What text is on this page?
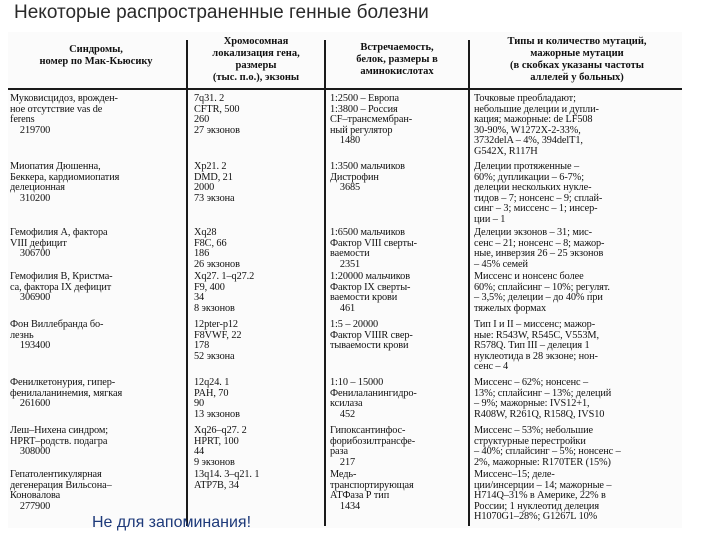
Некоторые распространенные генные болезни
Синдромы,
номер по Мак-Кьюсику
Хромосомная
локализация гена,
размеры
(тыс. п.о.), экзоны
Встречаемость,
белок, размеры в
аминокислотах
Типы и количество мутаций,
мажорные мутации
(в скобках указаны частоты
аллелей у больных)
Муковисцидоз, врожден-
ное отсутствие vas de
ferens
219700
7q31. 2
CFTR, 500
260
27 экзонов
1:2500 – Европа
1:3800 – Россия
CF–трансмембран-
ный регулятор
1480
Точковые преобладают;
небольшие делеции и дупли-
кация; мажорные: de LF508
30-90%, W1272X-2-33%,
3732delA – 4%, 394delT1,
G542X, R117H
Миопатия Дюшенна,
Беккера, кардиомиопатия
делеционная
310200
Xp21. 2
DMD, 21
2000
73 экзона
1:3500 мальчиков
Дистрофин
3685
Делеции протяженные –
60%; дупликации – 6-7%;
делеции нескольких нукле-
тидов – 7; нонсенс – 9; сплай-
синг – 3; миссенс – 1; инсер-
ции – 1
Гемофилия А, фактора
VIII дефицит
306700
Xq28
F8C, 66
186
26 экзонов
1:6500 мальчиков
Фактор VIII сверты-
ваемости
2351
Делеции экзонов – 31; мис-
сенс – 21; нонсенс – 8; мажор-
ные, инверзия 26 – 25 экзонов
– 45% семей
Гемофилия В, Кристма-
са, фактора IX дефицит
306900
Xq27. 1–q27.2
F9, 400
34
8 экзонов
1:20000 мальчиков
Фактор IX сверты-
ваемости крови
461
Миссенс и нонсенс более
60%; сплайсинг – 10%; регулят.
– 3,5%; делеции – до 40% при
тяжелых формах
Фон Виллебранда бо-
лезнь
193400
12pter-p12
F8VWF, 22
178
52 экзона
1:5 – 20000
Фактор VIIIR свер-
тываемости крови
Тип I и II – миссенс; мажор-
ные: R543W, R545C, V553M,
R578Q. Тип III – делеция 1
нуклеотида в 28 экзоне; нон-
сенс – 4
Фенилкетонурия, гипер-
фенилаланинемия, мягкая
261600
12q24. 1
PAH, 70
90
13 экзонов
1:10 – 15000
Фенилаланингидро-
ксилаза
452
Миссенс – 62%; нонсенс –
13%; сплайсинг – 13%; делеций
– 9%; мажорные: IVS12+1,
R408W, R261Q, R158Q, IVS10
Леш–Нихена синдром;
HPRT–родств. подагра
308000
Xq26–q27. 2
HPRT, 100
44
9 экзонов
Гипоксантинфос-
форибозилтрансфе-
раза
217
Миссенс – 53%; небольшие
структурные перестройки
– 40%; сплайсинг – 5%; нонсенс –
2%, мажорные: R170TER (15%)
Гепатолентикулярная
дегенерация Вильсона–
Коновалова
277900
13q14. 3–q21. 1
ATP7B, 34
Медь-
транспортирующая
АТФаза Р тип
1434
Миссенс–15; деле-
ции/инсерции – 14; мажорные –
H714Q–31% в Америке, 22% в
России; 1 нуклеотид делеция
H1070G1–28%; G1267L 10%
Не для запоминания!
